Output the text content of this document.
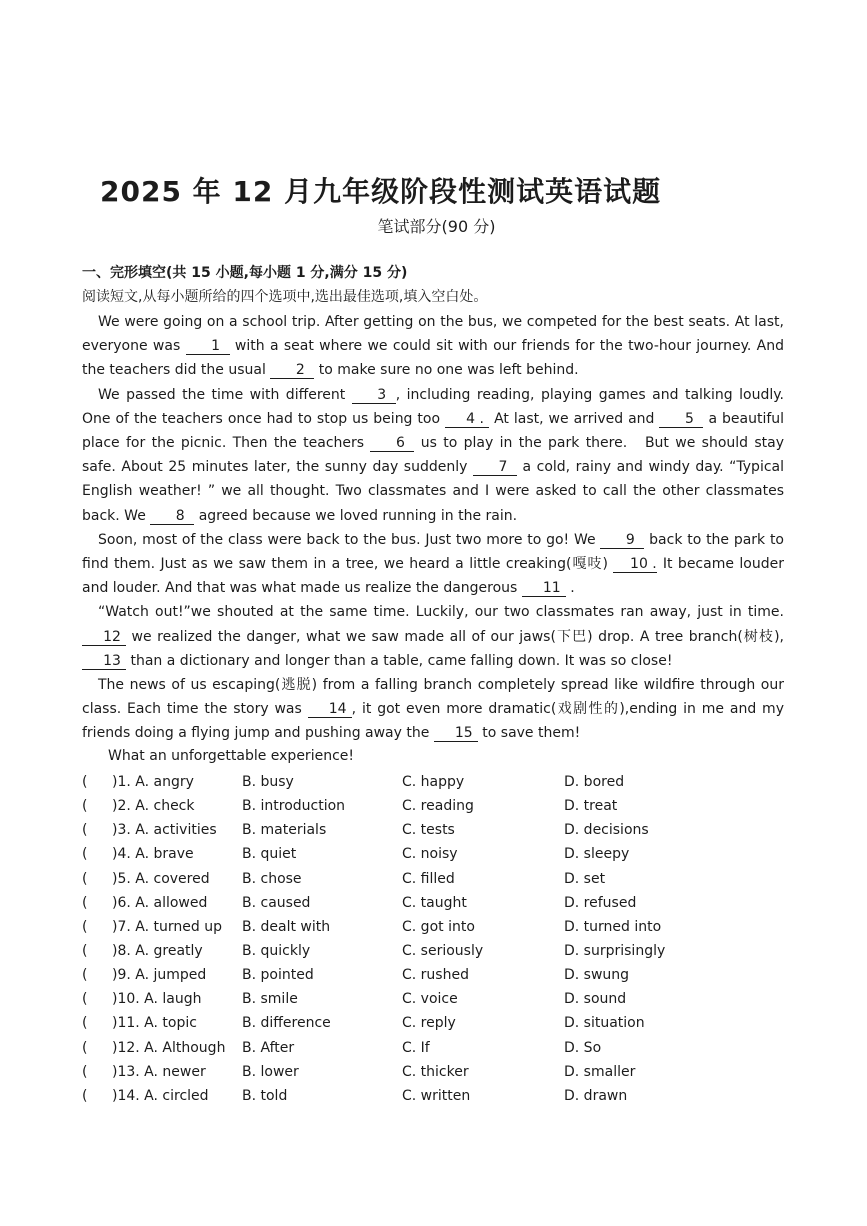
2025 年 12 月九年级阶段性测试英语试题
笔试部分(90 分)
一、完形填空(共 15 小题,每小题 1 分,满分 15 分)
阅读短文,从每小题所给的四个选项中,选出最佳选项,填入空白处。

We were going on a school trip. After getting on the bus, we competed for the best seats. At last, everyone was 1 with a seat where we could sit with our friends for the two-hour journey. And the teachers did the usual 2 to make sure no one was left behind.

We passed the time with different 3 , including reading, playing games and talking loudly. One of the teachers once had to stop us being too 4 . At last, we arrived and 5 a beautiful place for the picnic. Then the teachers 6 us to play in the park there.　But we should stay safe. About 25 minutes later, the sunny day suddenly 7 a cold, rainy and windy day. “Typical English weather! ” we all thought. Two classmates and I were asked to call the other classmates back. We 8 agreed because we loved running in the rain.

Soon, most of the class were back to the bus. Just two more to go! We 9 back to the park to find them. Just as we saw them in a tree, we heard a little creaking(嘎吱) 10 . It became louder and louder. And that was what made us realize the dangerous 11 .

“Watch out!”we shouted at the same time. Luckily, our two classmates ran away, just in time. 12 we realized the danger, what we saw made all of our jaws(下巴) drop. A tree branch(树枝), 13 than a dictionary and longer than a table, came falling down. It was so close!

The news of us escaping(逃脱) from a falling branch completely spread like wildfire through our class. Each time the story was 14 , it got even more dramatic(戏剧性的),ending in me and my friends doing a flying jump and pushing away the 15 to save them!

What an unforgettable experience!
( )1. A. angry	B. busy	C. happy	D. bored
( )2. A. check	B. introduction	C. reading	D. treat
( )3. A. activities B. materials	C. tests	D. decisions
( )4. A. brave	B. quiet	C. noisy	D. sleepy
( )5. A. covered B. chose	C. filled	D. set
( )6. A. allowed B. caused	C. taught	D. refused
( )7. A. turned up B. dealt with	C. got into	D. turned into
( )8. A. greatly	B. quickly	C. seriously	D. surprisingly
( )9. A. jumped	B. pointed	C. rushed	D. swung
( )10. A. laugh	B. smile	C. voice	D. sound
( )11. A. topic	B. difference	C. reply	D. situation
( )12. A. Although B. After	C. If	D. So
( )13. A. newer	B. lower	C. thicker	D. smaller
( )14. A. circled B. told	C. written	D. drawn
